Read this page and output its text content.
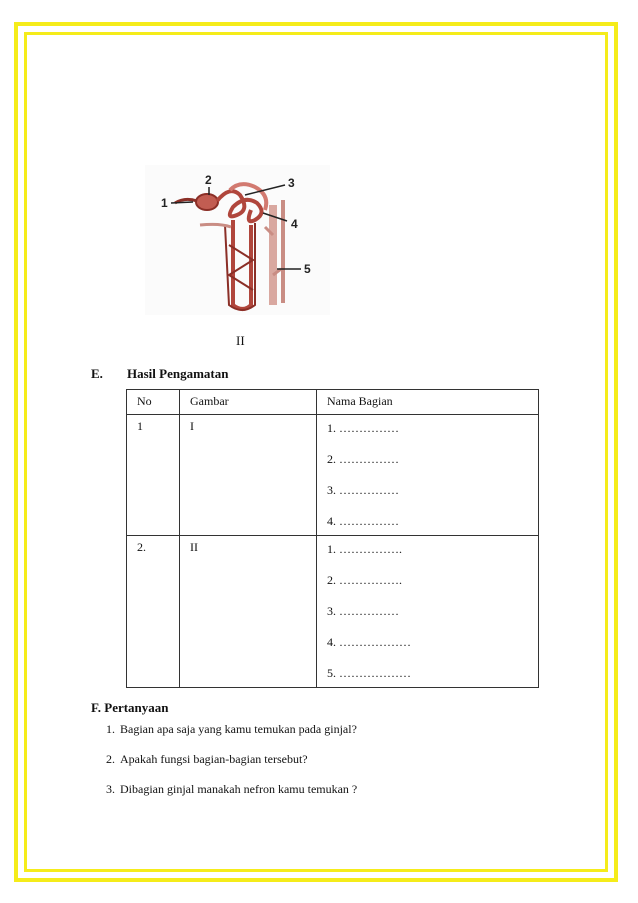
1
2	3
4
5
II
E. Hasil Pengamatan
No	Gambar	Nama Bagian
1	I	1. ……………
2. ……………
3. ……………
4. ……………

2.	II	1. …………….
2. …………….
3. ……………
4. ………………
5. ………………
F. Pertanyaan
1. Bagian apa saja yang kamu temukan pada ginjal?
2. Apakah fungsi bagian-bagian tersebut?
3. Dibagian ginjal manakah nefron kamu temukan ?
